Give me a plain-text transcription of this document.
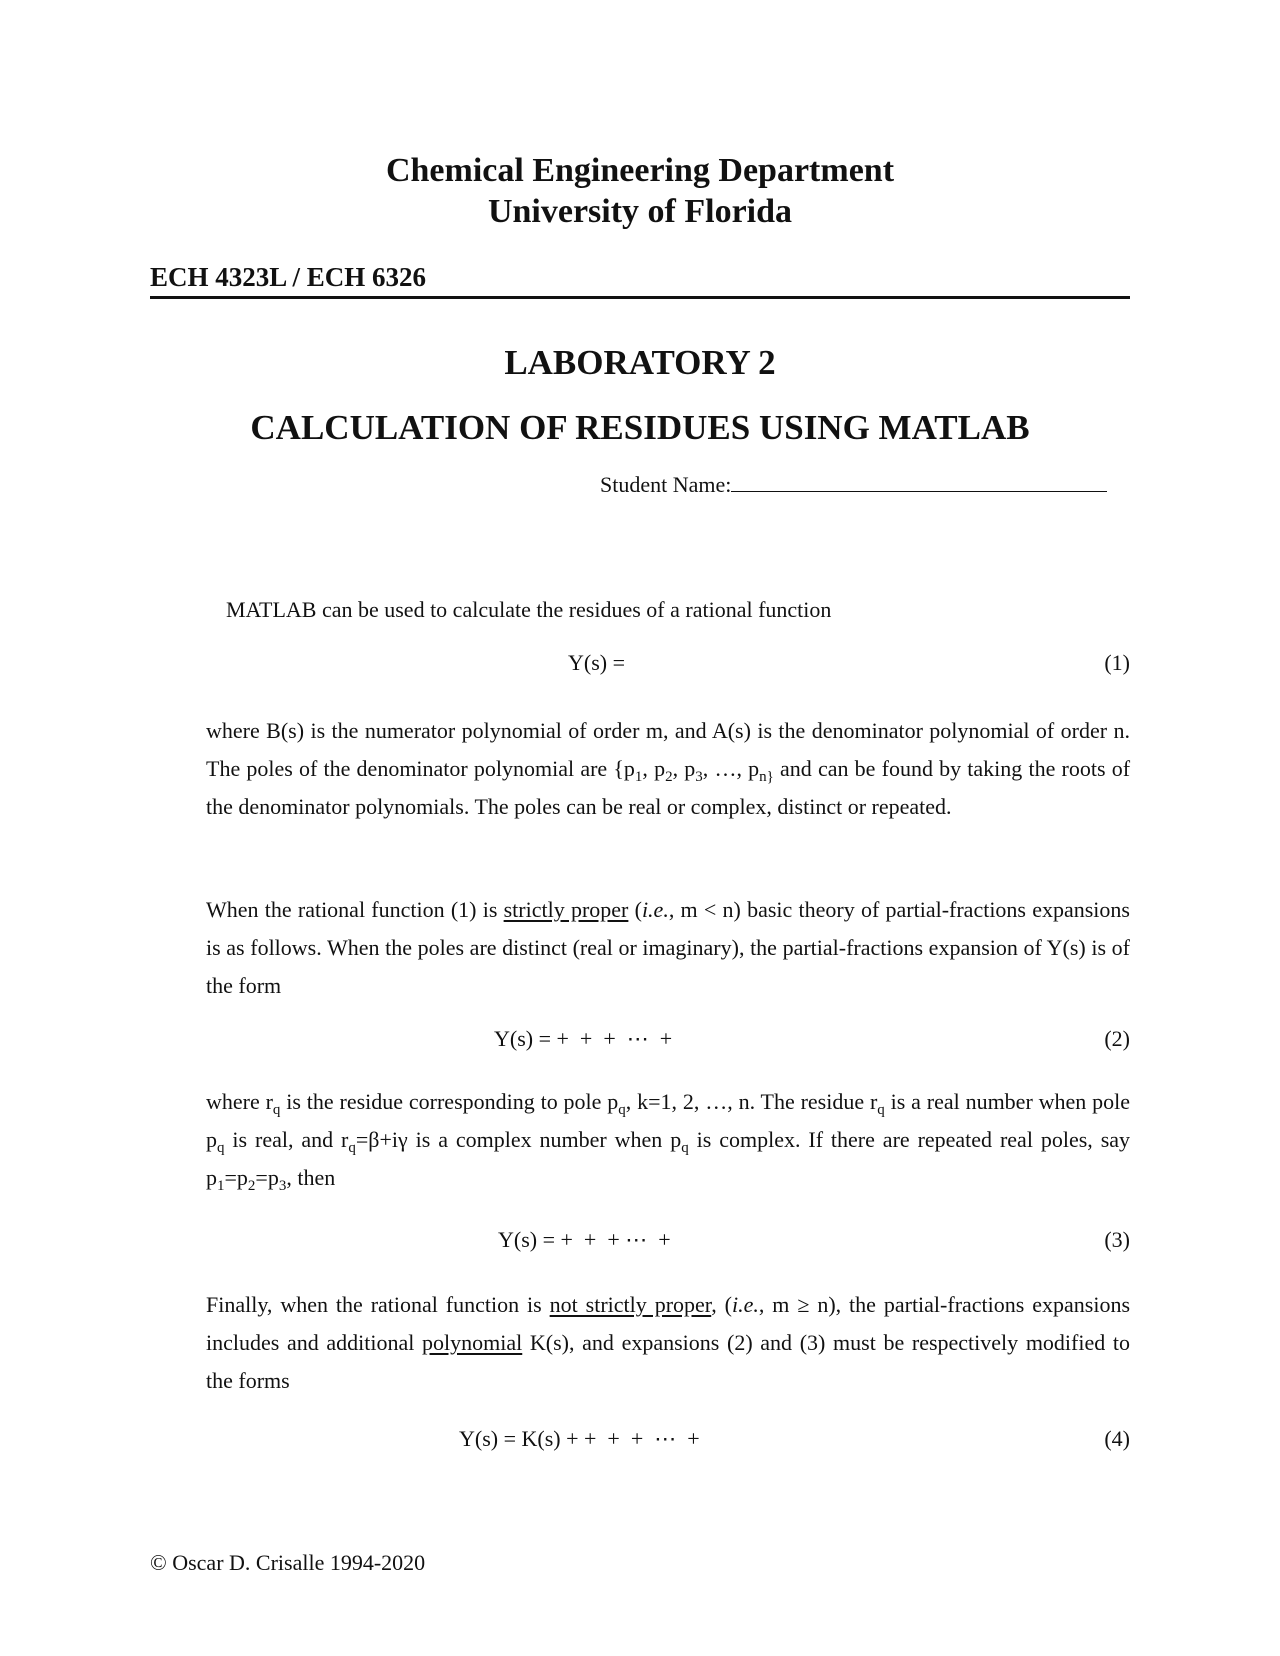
Chemical Engineering Department
University of Florida
ECH 4323L / ECH 6326
LABORATORY 2
CALCULATION OF RESIDUES USING MATLAB
Student Name:
MATLAB can be used to calculate the residues of a rational function
Y(s) =	(1)
where B(s) is the numerator polynomial of order m, and A(s) is the denominator polynomial of order n. The poles of the denominator polynomial are {$p_1$, $p_2$, $p_3$, …, $p_{n\}}$ and can be found by taking the roots of the denominator polynomials. The poles can be real or complex, distinct or repeated.
When the rational function (1) is strictly proper (i.e., m < n) basic theory of partial-fractions expansions is as follows. When the poles are distinct (real or imaginary), the partial-fractions expansion of Y(s) is of the form
Y(s) = +  +  +  ⋯  +	(2)
where $r_q$ is the residue corresponding to pole $p_q$, k=1, 2, …, n. The residue $r_q$ is a real number when pole $p_q$ is real, and $r_q=\beta+i\gamma$ is a complex number when $p_q$ is complex. If there are repeated real poles, say $p_1=p_2=p_3$, then
Y(s) = +  +  + ⋯  +	(3)
Finally, when the rational function is not strictly proper, (i.e., m ≥ n), the partial-fractions expansions includes and additional polynomial K(s), and expansions (2) and (3) must be respectively modified to the forms
Y(s) = K(s) + +  +  +  ⋯  +	(4)
© Oscar D. Crisalle 1994-2020
